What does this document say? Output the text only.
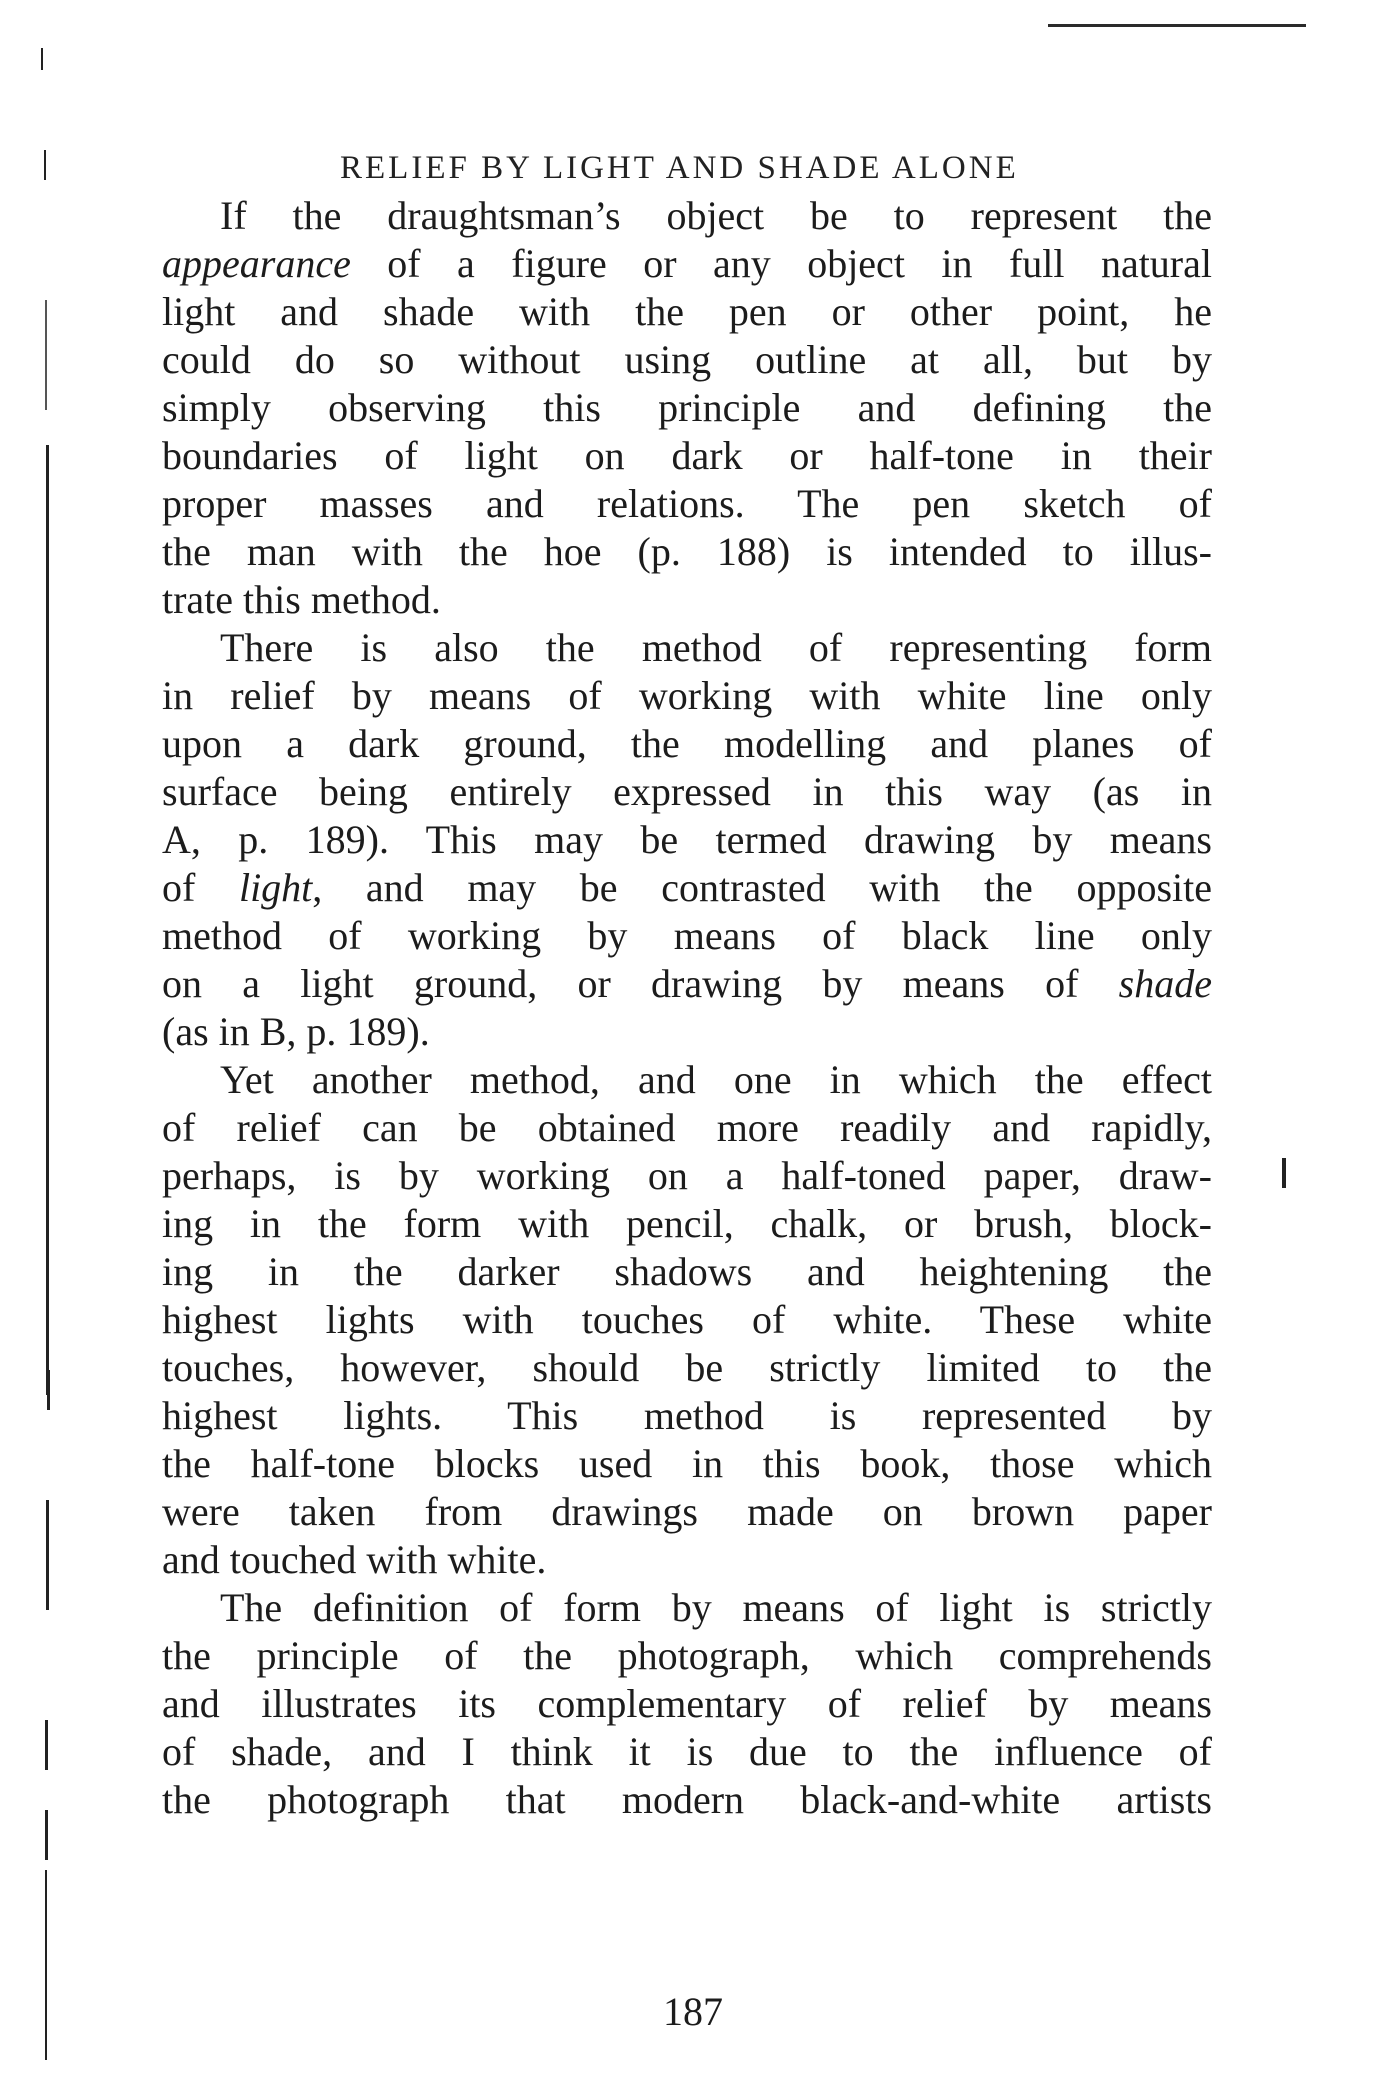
RELIEF BY LIGHT AND SHADE ALONE
If the draughtsman’s object be to represent the
appearance of a figure or any object in full natural
light and shade with the pen or other point, he
could do so without using outline at all, but by
simply observing this principle and defining the
boundaries of light on dark or half-tone in their
proper masses and relations. The pen sketch of
the man with the hoe (p. 188) is intended to illus-
trate this method.
There is also the method of representing form
in relief by means of working with white line only
upon a dark ground, the modelling and planes of
surface being entirely expressed in this way (as in
A, p. 189). This may be termed drawing by means
of light, and may be contrasted with the opposite
method of working by means of black line only
on a light ground, or drawing by means of shade
(as in B, p. 189).
Yet another method, and one in which the effect
of relief can be obtained more readily and rapidly,
perhaps, is by working on a half-toned paper, draw-
ing in the form with pencil, chalk, or brush, block-
ing in the darker shadows and heightening the
highest lights with touches of white. These white
touches, however, should be strictly limited to the
highest lights. This method is represented by
the half-tone blocks used in this book, those which
were taken from drawings made on brown paper
and touched with white.
The definition of form by means of light is strictly
the principle of the photograph, which comprehends
and illustrates its complementary of relief by means
of shade, and I think it is due to the influence of
the photograph that modern black-and-white artists
187
